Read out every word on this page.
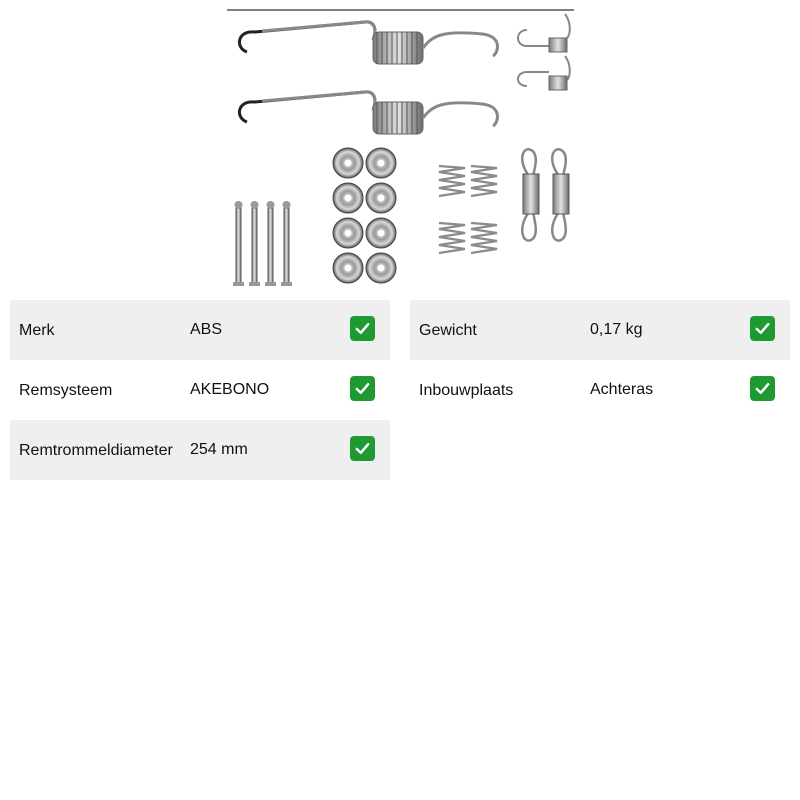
Merk	ABS
Remsysteem	AKEBONO
Remtrommeldiameter 254 mm
Gewicht	0,17 kg
Inbouwplaats	Achteras
